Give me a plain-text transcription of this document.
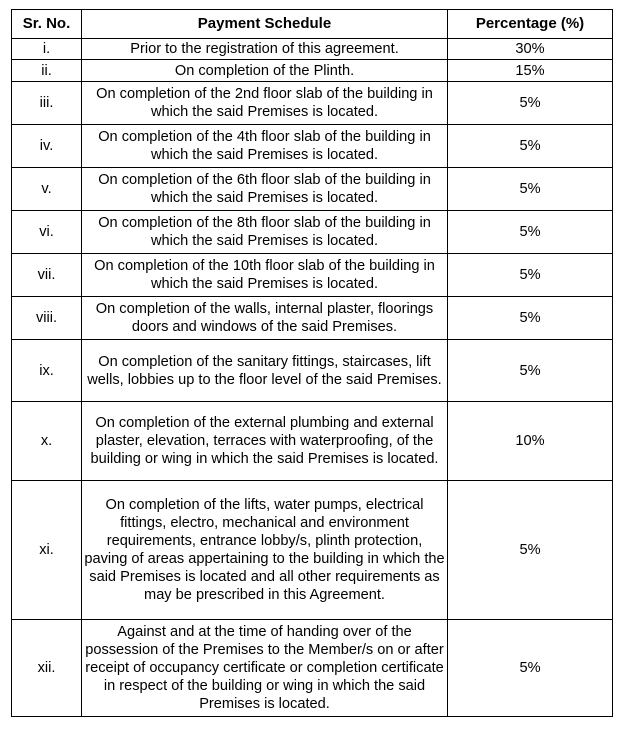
Sr. No.	Payment Schedule	Percentage (%)
i.	Prior to the registration of this agreement.	30%
ii.	On completion of the Plinth.	15%
iii.	On completion of the 2nd floor slab of the building in which the said Premises is located.	5%
iv.	On completion of the 4th floor slab of the building in which the said Premises is located.	5%
v.	On completion of the 6th floor slab of the building in which the said Premises is located.	5%
vi.	On completion of the 8th floor slab of the building in which the said Premises is located.	5%
vii.	On completion of the 10th floor slab of the building in which the said Premises is located.	5%
viii.	On completion of the walls, internal plaster, floorings doors and windows of the said Premises.	5%
ix.	On completion of the sanitary fittings, staircases, lift wells, lobbies up to the floor level of the said Premises.	5%
x.	On completion of the external plumbing and external plaster, elevation, terraces with waterproofing, of the building or wing in which the said Premises is located.	10%
xi.	On completion of the lifts, water pumps, electrical fittings, electro, mechanical and environment requirements, entrance lobby/s, plinth protection, paving of areas appertaining to the building in which the said Premises is located and all other requirements as may be prescribed in this Agreement.	5%
xii.	Against and at the time of handing over of the possession of the Premises to the Member/s on or after receipt of occupancy certificate or completion certificate in respect of the building or wing in which the said Premises is located.	5%
